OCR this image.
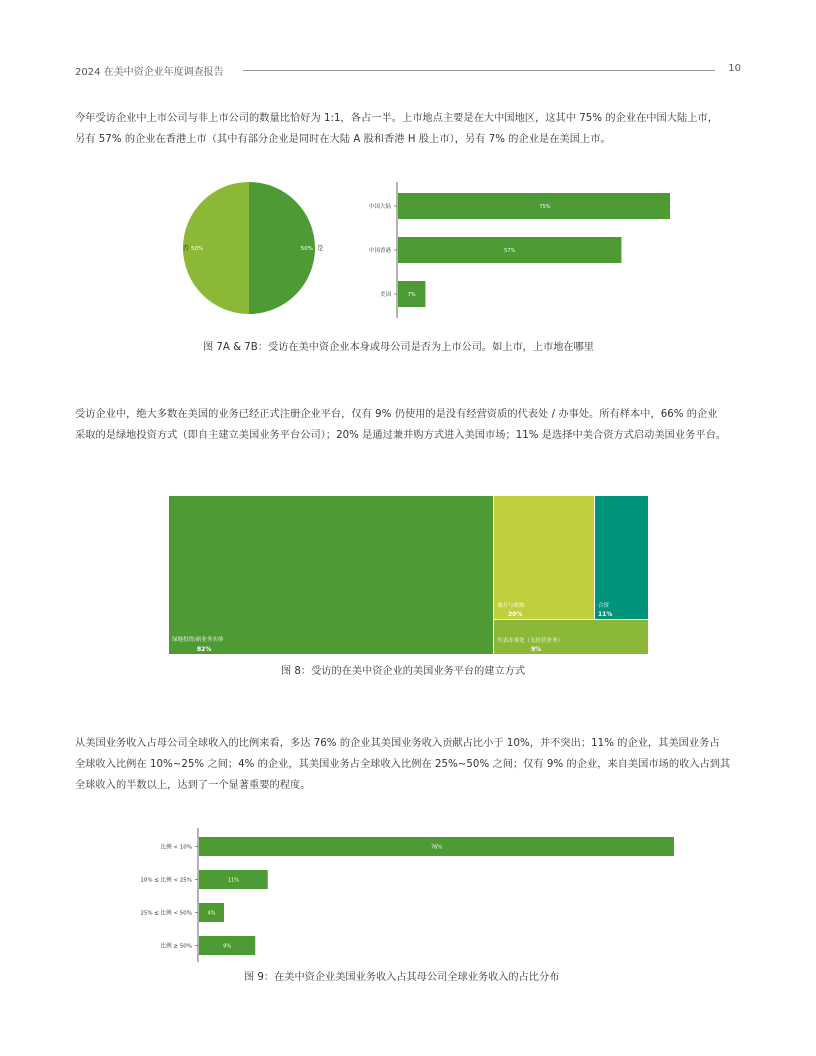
2024 在美中资企业年度调查报告	10

今年受访企业中上市公司与非上市公司的数量比恰好为 1:1，各占一半。上市地点主要是在大中国地区，这其中 75% 的企业在中国大陆上市，

另有 57% 的企业在香港上市（其中有部分企业是同时在大陆 A 股和香港 H 股上市），另有 7% 的企业是在美国上市。

50% 是
50%
否
中国大陆	75%
中国香港	57%
美国	7%
图 7A & 7B：受访在美中资企业本身或母公司是否为上市公司。如上市，上市地在哪里

受访企业中，绝大多数在美国的业务已经正式注册企业平台，仅有 9% 仍使用的是没有经营资质的代表处 / 办事处。所有样本中，66% 的企业

采取的是绿地投资方式（即自主建立美国业务平台公司）；20% 是通过兼并购方式进入美国市场；11% 是选择中美合资方式启动美国业务平台。

绿地投资/新业务实体
82%
兼并与收购
20%
合资
11%
代表办事处（无经营业务）
9%
图 8：受访的在美中资企业的美国业务平台的建立方式

从美国业务收入占母公司全球收入的比例来看，多达 76% 的企业其美国业务收入贡献占比小于 10%，并不突出；11% 的企业，其美国业务占

全球收入比例在 10%~25% 之间；4% 的企业，其美国业务占全球收入比例在 25%~50% 之间；仅有 9% 的企业，来自美国市场的收入占到其

全球收入的半数以上，达到了一个显著重要的程度。

比例 < 10%	76%
10% ≤ 比例 < 25%	11%
25% ≤ 比例 < 50%	4%
比例 ≥ 50%	9%
图 9：在美中资企业美国业务收入占其母公司全球业务收入的占比分布
